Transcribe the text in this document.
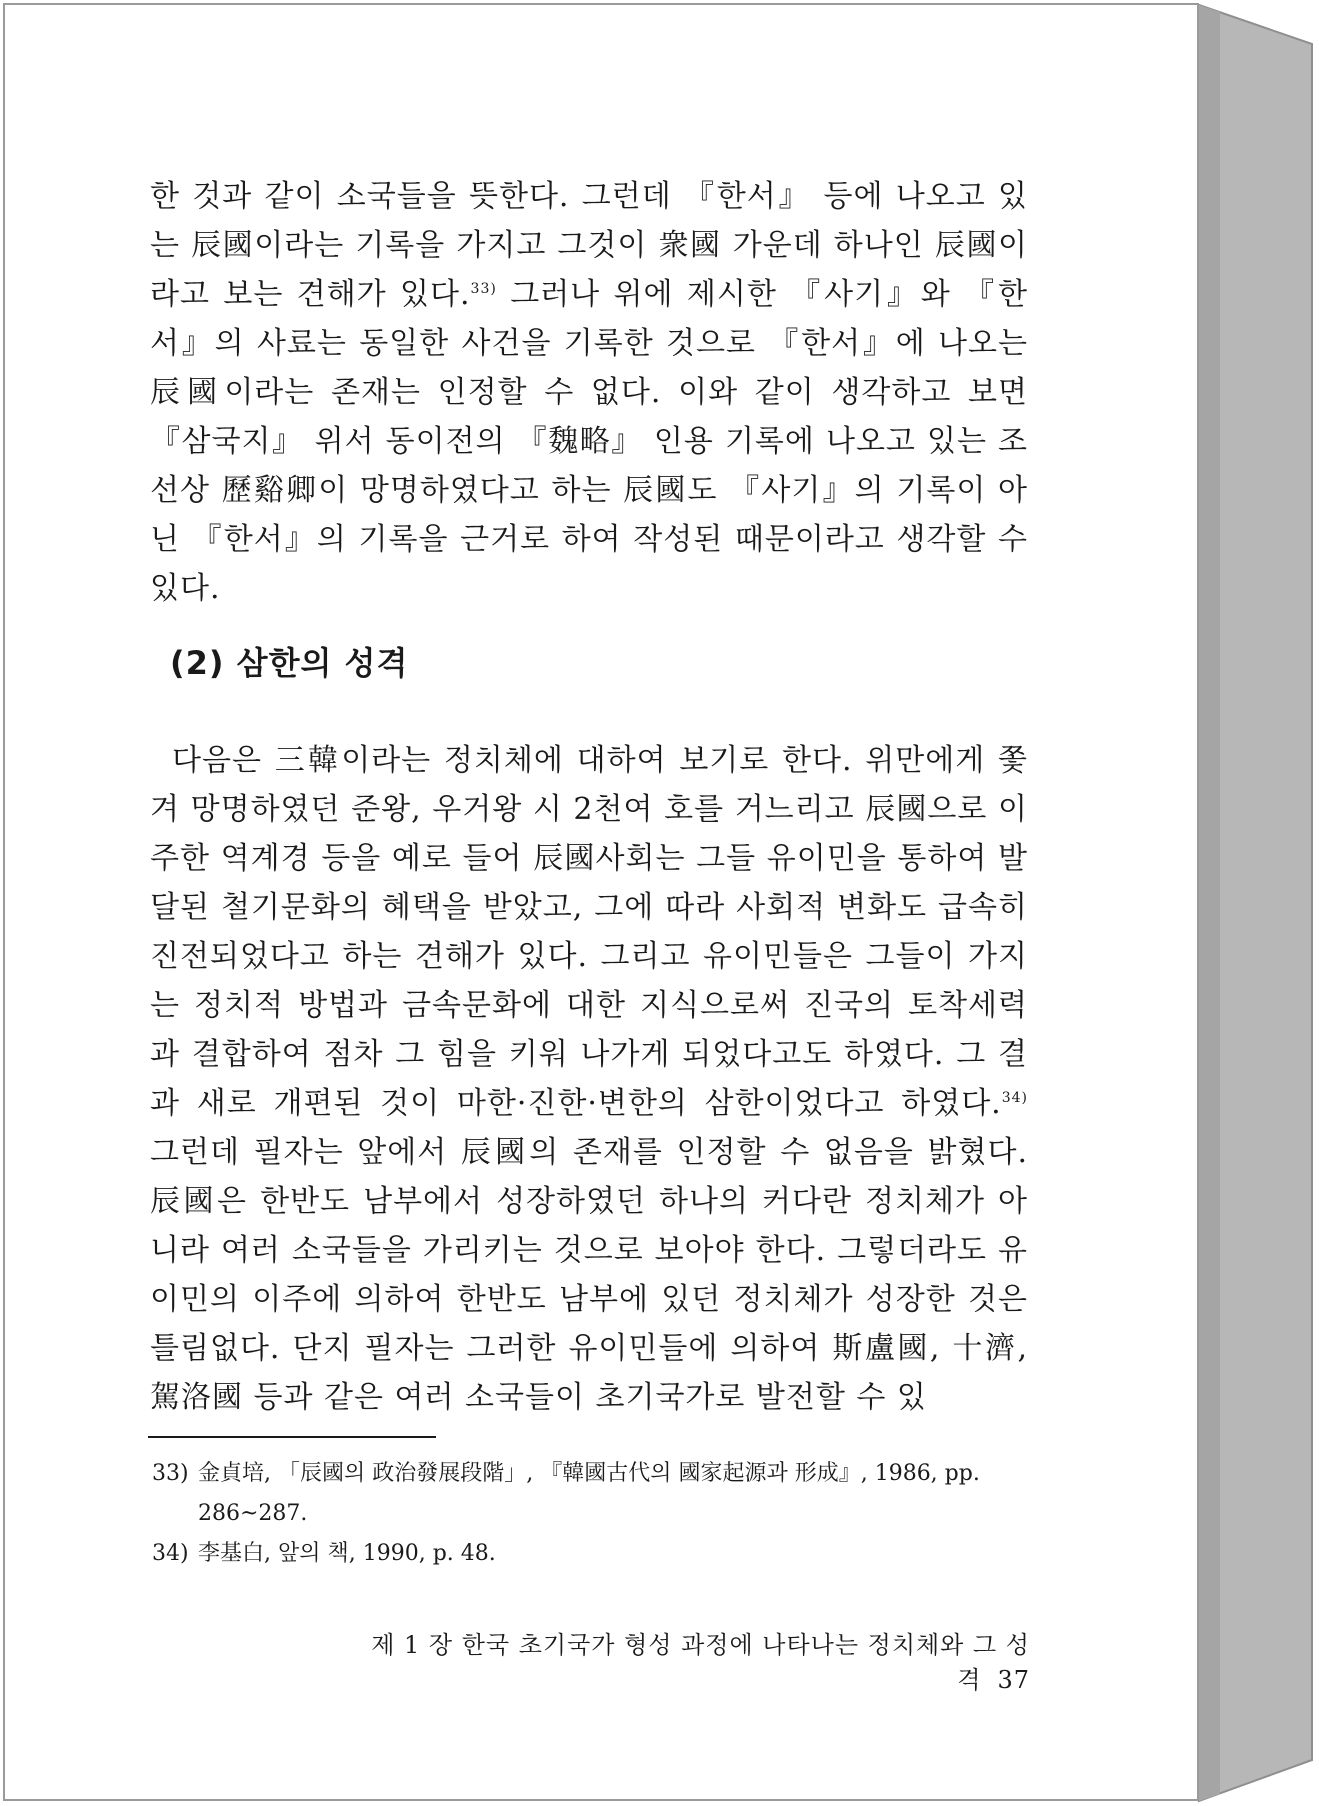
한 것과 같이 소국들을 뜻한다. 그런데 『한서』 등에 나오고 있는 辰國이라는 기록을 가지고 그것이 衆國 가운데 하나인 辰國이라고 보는 견해가 있다.$^{33)}$ 그러나 위에 제시한 『사기』와 『한서』의 사료는 동일한 사건을 기록한 것으로 『한서』에 나오는 辰國이라는 존재는 인정할 수 없다. 이와 같이 생각하고 보면 『삼국지』 위서 동이전의 『魏略』 인용 기록에 나오고 있는 조선상 歷谿卿이 망명하였다고 하는 辰國도 『사기』의 기록이 아닌 『한서』의 기록을 근거로 하여 작성된 때문이라고 생각할 수 있다.
(2) 삼한의 성격
다음은 三韓이라는 정치체에 대하여 보기로 한다. 위만에게 쫓겨 망명하였던 준왕, 우거왕 시 2천여 호를 거느리고 辰國으로 이주한 역계경 등을 예로 들어 辰國사회는 그들 유이민을 통하여 발달된 철기문화의 혜택을 받았고, 그에 따라 사회적 변화도 급속히 진전되었다고 하는 견해가 있다. 그리고 유이민들은 그들이 가지는 정치적 방법과 금속문화에 대한 지식으로써 진국의 토착세력과 결합하여 점차 그 힘을 키워 나가게 되었다고도 하였다. 그 결과 새로 개편된 것이 마한·진한·변한의 삼한이었다고 하였다.$^{34)}$ 그런데 필자는 앞에서 辰國의 존재를 인정할 수 없음을 밝혔다. 辰國은 한반도 남부에서 성장하였던 하나의 커다란 정치체가 아니라 여러 소국들을 가리키는 것으로 보아야 한다. 그렇더라도 유이민의 이주에 의하여 한반도 남부에 있던 정치체가 성장한 것은 틀림없다. 단지 필자는 그러한 유이민들에 의하여 斯盧國, 十濟, 駕洛國 등과 같은 여러 소국들이 초기국가로 발전할 수 있
33) 金貞培, 「辰國의 政治發展段階」, 『韓國古代의 國家起源과 形成』, 1986, pp. 286~287.
34) 李基白, 앞의 책, 1990, p. 48.
제 1 장 한국 초기국가 형성 과정에 나타나는 정치체와 그 성격 37
